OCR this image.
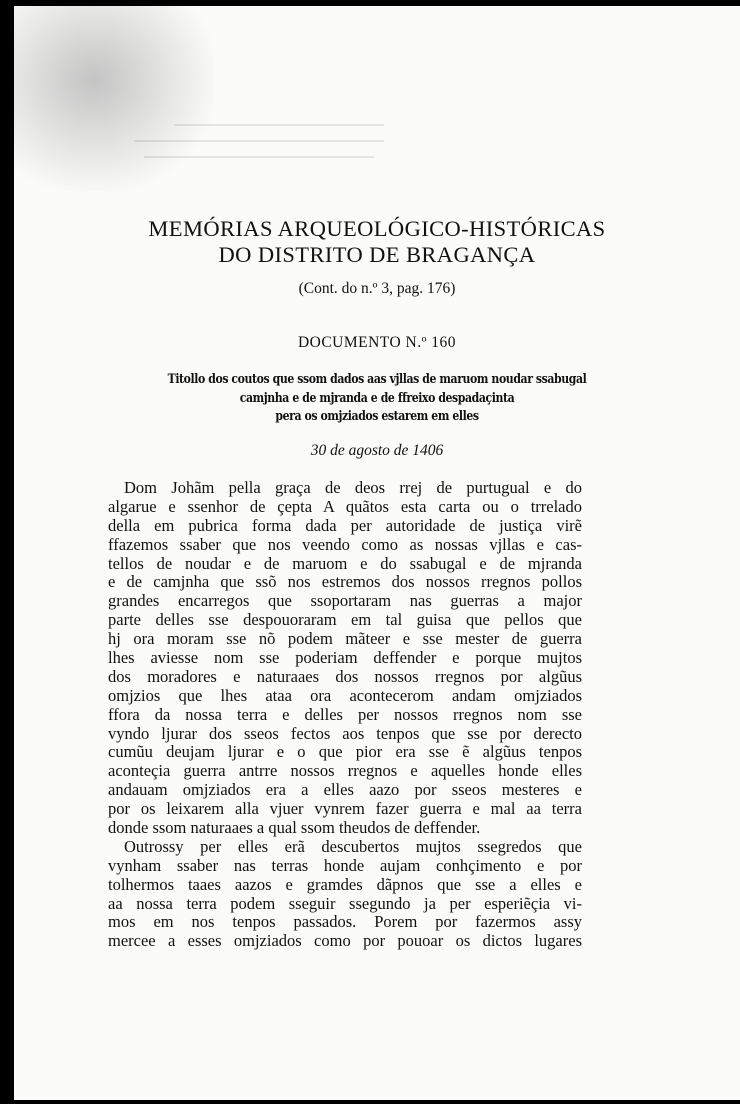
MEMÓRIAS ARQUEOLÓGICO-HISTÓRICAS
DO DISTRITO DE BRAGANÇA
(Cont. do n.º 3, pag. 176)
DOCUMENTO N.º 160
Titollo dos coutos que ssom dados aas vjllas de maruom noudar ssabugal
camjnha e de mjranda e de ffreixo despadaçinta
pera os omjziados estarem em elles
30 de agosto de 1406
Dom Johãm pella graça de deos rrej de purtugual e do
algarue e ssenhor de çepta A quãtos esta carta ou o trrelado
della em pubrica forma dada per autoridade de justiça virẽ
ffazemos ssaber que nos veendo como as nossas vjllas e cas-
tellos de noudar e de maruom e do ssabugal e de mjranda
e de camjnha que ssõ nos estremos dos nossos rregnos pollos
grandes encarregos que ssoportaram nas guerras a major
parte delles sse despouoraram em tal guisa que pellos que
hj ora moram sse nõ podem mãteer e sse mester de guerra
lhes aviesse nom sse poderiam deffender e porque mujtos
dos moradores e naturaaes dos nossos rregnos por algũus
omjzios que lhes ataa ora acontecerom andam omjziados
ffora da nossa terra e delles per nossos rregnos nom sse
vyndo ljurar dos sseos fectos aos tenpos que sse por derecto
cumũu deujam ljurar e o que pior era sse ẽ algũus tenpos
aconteçia guerra antrre nossos rregnos e aquelles honde elles
andauam omjziados era a elles aazo por sseos mesteres e
por os leixarem alla vjuer vynrem fazer guerra e mal aa terra
donde ssom naturaaes a qual ssom theudos de deffender.
Outrossy per elles erã descubertos mujtos ssegredos que
vynham ssaber nas terras honde aujam conhçimento e por
tolhermos taaes aazos e gramdes dãpnos que sse a elles e
aa nossa terra podem sseguir ssegundo ja per esperiẽçia vi-
mos em nos tenpos passados. Porem por fazermos assy
mercee a esses omjziados como por pouoar os dictos lugares
